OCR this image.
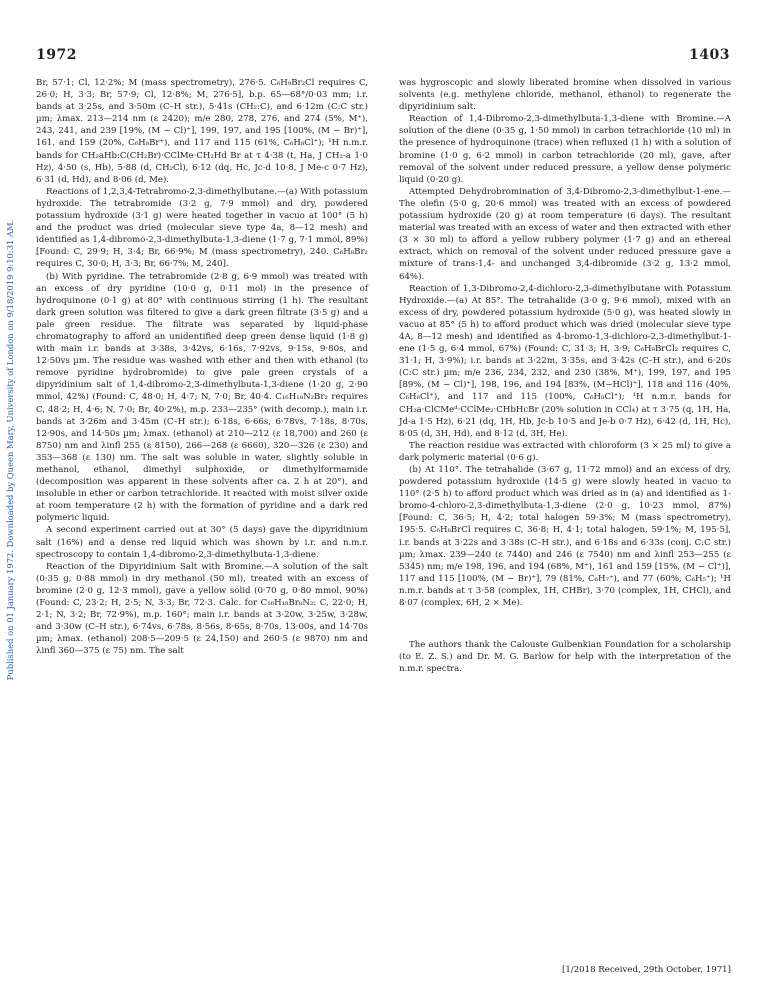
1972	1403
Published on 01 January 1972. Downloaded by Queen Mary, University of London on 9/18/2019 9:10:31 AM.

Br, 57·1; Cl, 12·2%; M (mass spectrometry), 276·5. C₆H₉Br₂Cl requires C, 26·0; H, 3·3; Br, 57·9; Cl, 12·8%; M, 276·5], b.p. 65—68°/0·03 mm; i.r. bands at 3·25s, and 3·50m (C–H str.), 5·41s (CH₂:C), and 6·12m (C:C str.) µm; λmax. 213—214 nm (ε 2420); m/e 280, 278, 276, and 274 (5%, M⁺), 243, 241, and 239 [19%, (M − Cl)⁺], 199, 197, and 195 [100%, (M − Br)⁺], 161, and 159 (20%, C₆H₈Br⁺), and 117 and 115 (61%, C₆H₈Cl⁺); ¹H n.m.r. bands for CH₂aHb:C(CH₂Br)·CClMe·CH₂Hd Br at τ 4·38 (t, Ha, J CH₂-a 1·0 Hz), 4·50 (s, Hb), 5·88 (d, CH₂Cl), 6·12 (dq, Hc, Jc-d 10·8, J Me-c 0·7 Hz), 6·31 (d, Hd), and 8·06 (d, Me).

Reactions of 1,2,3,4-Tetrabromo-2,3-dimethylbutane.—(a) With potassium hydroxide. The tetrabromide (3·2 g, 7·9 mmol) and dry, powdered potassium hydroxide (3·1 g) were heated together in vacuo at 100° (5 h) and the product was dried (molecular sieve type 4a, 8—12 mesh) and identified as 1,4-dibromo-2,3-dimethylbuta-1,3-diene (1·7 g, 7·1 mmol, 89%) [Found: C, 29·9; H, 3·4; Br, 66·9%; M (mass spectrometry), 240. C₆H₈Br₂ requires C, 30·0; H, 3·3; Br, 66·7%; M, 240].

(b) With pyridine. The tetrabromide (2·8 g, 6·9 mmol) was treated with an excess of dry pyridine (10·0 g, 0·11 mol) in the presence of hydroquinone (0·1 g) at 80° with continuous stirring (1 h). The resultant dark green solution was filtered to give a dark green filtrate (3·5 g) and a pale green residue. The filtrate was separated by liquid-phase chromatography to afford an unidentified deep green dense liquid (1·8 g) with main i.r. bands at 3·38s, 3·42vs, 6·16s, 7·92vs, 9·15s, 9·80s, and 12·50vs µm. The residue was washed with ether and then with ethanol (to remove pyridine hydrobromide) to give pale green crystals of a dipyridinium salt of 1,4-dibromo-2,3-dimethylbuta-1,3-diene (1·20 g, 2·90 mmol, 42%) (Found: C, 48·0; H, 4·7; N, 7·0; Br, 40·4. C₁₆H₁₈N₂Br₂ requires C, 48·2; H, 4·6; N, 7·0; Br, 40·2%), m.p. 233—235° (with decomp.), main i.r. bands at 3·26m and 3·45m (C–H str.); 6·18s, 6·66s, 6·78vs, 7·18s, 8·70s, 12·90s, and 14·50s µm; λmax. (ethanol) at 210—212 (ε 18,700) and 260 (ε 8750) nm and λinfl 255 (ε 8150), 266—268 (ε 6660), 320—326 (ε 230) and 353—368 (ε 130) nm. The salt was soluble in water, slightly soluble in methanol, ethanol, dimethyl sulphoxide, or dimethylformamide (decomposition was apparent in these solvents after ca. 2 h at 20°), and insoluble in ether or carbon tetrachloride. It reacted with moist silver oxide at room temperature (2 h) with the formation of pyridine and a dark red polymeric liquid.

A second experiment carried out at 30° (5 days) gave the dipyridinium salt (16%) and a dense red liquid which was shown by i.r. and n.m.r. spectroscopy to contain 1,4-dibromo-2,3-dimethylbuta-1,3-diene.

Reaction of the Dipyridinium Salt with Bromine.—A solution of the salt (0·35 g, 0·88 mmol) in dry methanol (50 ml), treated with an excess of bromine (2·0 g, 12·3 mmol), gave a yellow solid (0·70 g, 0·80 mmol, 90%) (Found: C, 23·2; H, 2·5; N, 3·3; Br, 72·3. Calc. for C₁₆H₁₈Br₈N₂: C, 22·0; H, 2·1; N, 3·2; Br, 72·9%), m.p. 160°; main i.r. bands at 3·20w, 3·25w, 3·28w, and 3·30w (C–H str.), 6·74vs, 6·78s, 8·56s, 8·65s, 8·70s, 13·00s, and 14·70s µm; λmax. (ethanol) 208·5—209·5 (ε 24,150) and 260·5 (ε 9870) nm and λinfl 360—375 (ε 75) nm. The salt

was hygroscopic and slowly liberated bromine when dissolved in various solvents (e.g. methylene chloride, methanol, ethanol) to regenerate the dipyridinium salt.

Reaction of 1,4-Dibromo-2,3-dimethylbuta-1,3-diene with Bromine.—A solution of the diene (0·35 g, 1·50 mmol) in carbon tetrachloride (10 ml) in the presence of hydroquinone (trace) when refluxed (1 h) with a solution of bromine (1·0 g, 6·2 mmol) in carbon tetrachloride (20 ml), gave, after removal of the solvent under reduced pressure, a yellow dense polymeric liquid (0·20 g).

Attempted Dehydrobromination of 3,4-Dibromo-2,3-dimethylbut-1-ene.—The olefin (5·0 g, 20·6 mmol) was treated with an excess of powdered potassium hydroxide (20 g) at room temperature (6 days). The resultant material was treated with an excess of water and then extracted with ether (3 × 30 ml) to afford a yellow rubbery polymer (1·7 g) and an ethereal extract, which on removal of the solvent under reduced pressure gave a mixture of trans-1,4- and unchanged 3,4-dibromide (3·2 g, 13·2 mmol, 64%).

Reaction of 1,3-Dibromo-2,4-dichloro-2,3-dimethylbutane with Potassium Hydroxide.—(a) At 85°. The tetrahalide (3·0 g, 9·6 mmol), mixed with an excess of dry, powdered potassium hydroxide (5·0 g), was heated slowly in vacuo at 85° (5 h) to afford product which was dried (molecular sieve type 4A, 8—12 mesh) and identified as 4-bromo-1,3-dichloro-2,3-dimethylbut-1-ene (1·5 g, 6·4 mmol, 67%) (Found: C, 31·3; H, 3·9; C₆H₉BrCl₂ requires C, 31·1; H, 3·9%); i.r. bands at 3·22m, 3·35s, and 3·42s (C–H str.), and 6·20s (C:C str.) µm; m/e 236, 234, 232, and 230 (38%, M⁺), 199, 197, and 195 [89%, (M − Cl)⁺], 198, 196, and 194 [83%, (M−HCl)⁺], 118 and 116 (40%, C₆H₈Cl⁺), and 117 and 115 (100%, C₆H₈Cl⁺); ¹H n.m.r. bands for CH₂a·ClCMeᵈ·CClMe₂·CHbHcBr (20% solution in CCl₄) at τ 3·75 (q, 1H, Ha, Jd-a 1·5 Hz), 6·21 (dq, 1H, Hb, Jc-b 10·5 and Je-b 0·7 Hz), 6·42 (d, 1H, Hc), 8·05 (d, 3H, Hd), and 8·12 (d, 3H, He).

The reaction residue was extracted with chloroform (3 × 25 ml) to give a dark polymeric material (0·6 g).

(b) At 110°. The tetrahalide (3·67 g, 11·72 mmol) and an excess of dry, powdered potassium hydroxide (14·5 g) were slowly heated in vacuo to 110° (2·5 h) to afford product which was dried as in (a) and identified as 1-bromo-4-chloro-2,3-dimethylbuta-1,3-diene (2·0 g, 10·23 mmol, 87%) [Found: C, 36·5; H, 4·2; total halogen 59·3%; M (mass spectrometry), 195·5. C₆H₈BrCl requires C, 36·8; H, 4·1; total halogen, 59·1%; M, 195·5], i.r. bands at 3·22s and 3·38s (C–H str.), and 6·18s and 6·33s (conj. C:C str.) µm; λmax. 239—240 (ε 7440) and 246 (ε 7540) nm and λinfl 253—255 (ε 5345) nm; m/e 198, 196, and 194 (68%, M⁺), 161 and 159 [15%, (M − Cl⁺)], 117 and 115 [100%, (M − Br)⁺], 79 (81%, C₆H₇⁺), and 77 (60%, C₆H₅⁺); ¹H n.m.r. bands at τ 3·58 (complex, 1H, CHBr), 3·70 (complex, 1H, CHCl), and 8·07 (complex, 6H, 2 × Me).

The authors thank the Calouste Gulbenkian Foundation for a scholarship (to E. Z. S.) and Dr. M. G. Barlow for help with the interpretation of the n.m.r. spectra.

[1/2018 Received, 29th October, 1971]
